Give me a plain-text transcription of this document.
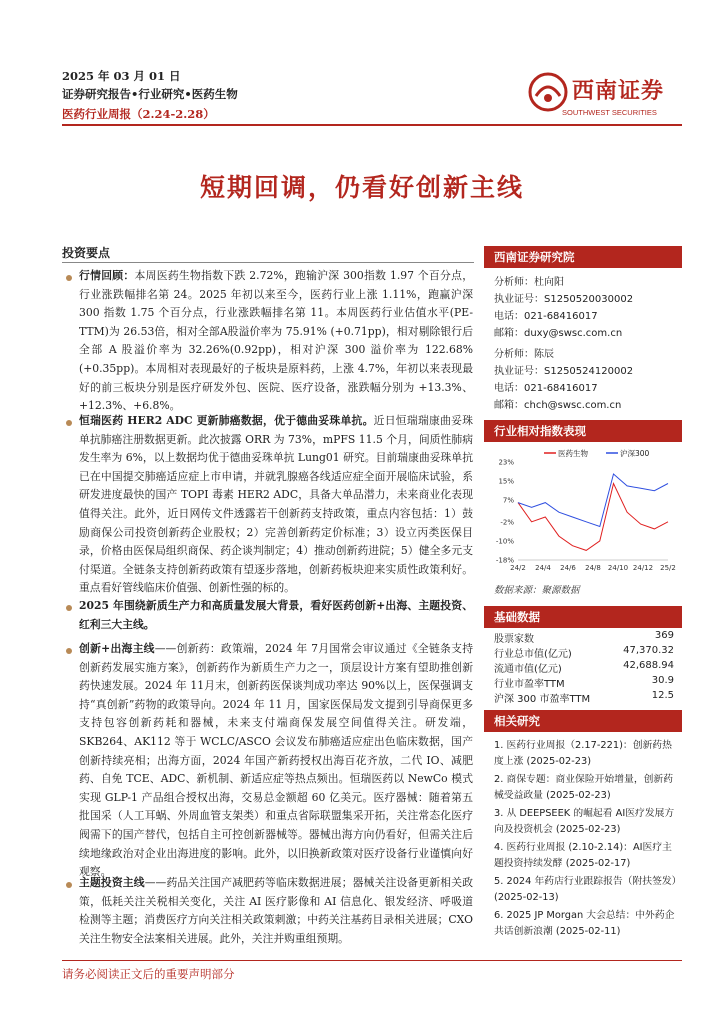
2025 年 03 月 01 日
证券研究报告•行业研究•医药生物
医药行业周报（2.24-2.28）
西南证券
SOUTHWEST SECURITIES
短期回调，仍看好创新主线
投资要点
行情回顾：本周医药生物指数下跌 2.72%，跑输沪深 300指数 1.97 个百分点，行业涨跌幅排名第 24。2025 年初以来至今，医药行业上涨 1.11%，跑赢沪深 300 指数 1.75 个百分点，行业涨跌幅排名第 11。本周医药行业估值水平(PE-TTM)为 26.53倍，相对全部A股溢价率为 75.91% (+0.71pp)，相对剔除银行后全部 A 股溢价率为 32.26%(0.92pp)，相对沪深 300 溢价率为 122.68%(+0.35pp)。本周相对表现最好的子板块是原料药，上涨 4.7%，年初以来表现最好的前三板块分别是医疗研发外包、医院、医疗设备，涨跌幅分别为 +13.3%、+12.3%、+6.8%。
恒瑞医药 HER2 ADC 更新肺癌数据，优于德曲妥珠单抗。近日恒瑞瑞康曲妥珠单抗肺癌注册数据更新。此次披露 ORR 为 73%，mPFS 11.5 个月，间质性肺病发生率为 6%，以上数据均优于德曲妥珠单抗 Lung01 研究。目前瑞康曲妥珠单抗已在中国提交肺癌适应症上市申请，并就乳腺癌各线适应症全面开展临床试验，系研发进度最快的国产 TOPI 毒素 HER2 ADC，具备大单品潜力，未来商业化表现值得关注。此外，近日网传文件透露若干创新药支持政策，重点内容包括：1）鼓励商保公司投资创新药企业股权；2）完善创新药定价标准；3）设立丙类医保目录，价格由医保局组织商保、药企谈判制定；4）推动创新药进院；5）健全多元支付渠道。全链条支持创新药政策有望逐步落地，创新药板块迎来实质性政策利好。重点看好管线临床价值强、创新性强的标的。
2025 年围绕新质生产力和高质量发展大背景，看好医药创新+出海、主题投资、红利三大主线。
创新+出海主线——创新药：政策端，2024 年 7月国常会审议通过《全链条支持创新药发展实施方案》，创新药作为新质生产力之一，顶层设计方案有望助推创新药快速发展。2024 年 11月末，创新药医保谈判成功率达 90%以上，医保强调支持“真创新”药物的政策导向。2024 年 11 月，国家医保局发文提到引导商保更多支持包容创新药耗和器械，未来支付端商保发展空间值得关注。研发端，SKB264、AK112 等于 WCLC/ASCO 会议发布肺癌适应症出色临床数据，国产创新持续亮相；出海方面，2024 年国产新药授权出海百花齐放，二代 IO、减肥药、自免 TCE、ADC、新机制、新适应症等热点频出。恒瑞医药以 NewCo 模式实现 GLP-1 产品组合授权出海，交易总金额超 60 亿美元。医疗器械：随着第五批国采（人工耳蜗、外周血管支架类）和重点省际联盟集采开拓，关注常态化医疗阀需下的国产替代，包括自主可控创新器械等。器械出海方向仍看好，但需关注后续地缘政治对企业出海进度的影响。此外，以旧换新政策对医疗设备行业谨慎向好观察。
主题投资主线——药品关注国产减肥药等临床数据进展；器械关注设备更新相关政策，低耗关注关税相关变化，关注 AI 医疗影像和 AI 信息化、银发经济、呼吸道检测等主题；消费医疗方向关注相关政策刺激；中药关注基药目录相关进展；CXO 关注生物安全法案相关进展。此外，关注并购重组预期。
西南证券研究院
分析师：杜向阳
执业证号：S1250520030002
电话：021-68416017
邮箱：duxy@swsc.com.cn
分析师：陈辰
执业证号：S1250524120002
电话：021-68416017
邮箱：chch@swsc.com.cn
行业相对指数表现
医药生物	沪深300
23%
15%
7%
-2%
-10%
-18%
24/2 24/4 24/6 24/8 24/10 24/12 25/2
数据来源：聚源数据
基础数据
股票家数	369
行业总市值(亿元)	47,370.32
流通市值(亿元)	42,688.94
行业市盈率TTM	30.9
沪深 300 市盈率TTM	12.5
相关研究
1. 医药行业周报（2.17-221)：创新药热度上涨 (2025-02-23)
2. 商保专题：商业保险开始增量，创新药械受益政量 (2025-02-23)
3. 从 DEEPSEEK 的崛起看 AI医疗发展方向及投资机会 (2025-02-23)
4. 医药行业周报 (2.10-2.14)：AI医疗主题投资持续发酵 (2025-02-17)
5. 2024 年药店行业跟踪报告（附扶签发）(2025-02-13)
6. 2025 JP Morgan 大会总结：中外药企共话创新浪潮 (2025-02-11)
请务必阅读正文后的重要声明部分
